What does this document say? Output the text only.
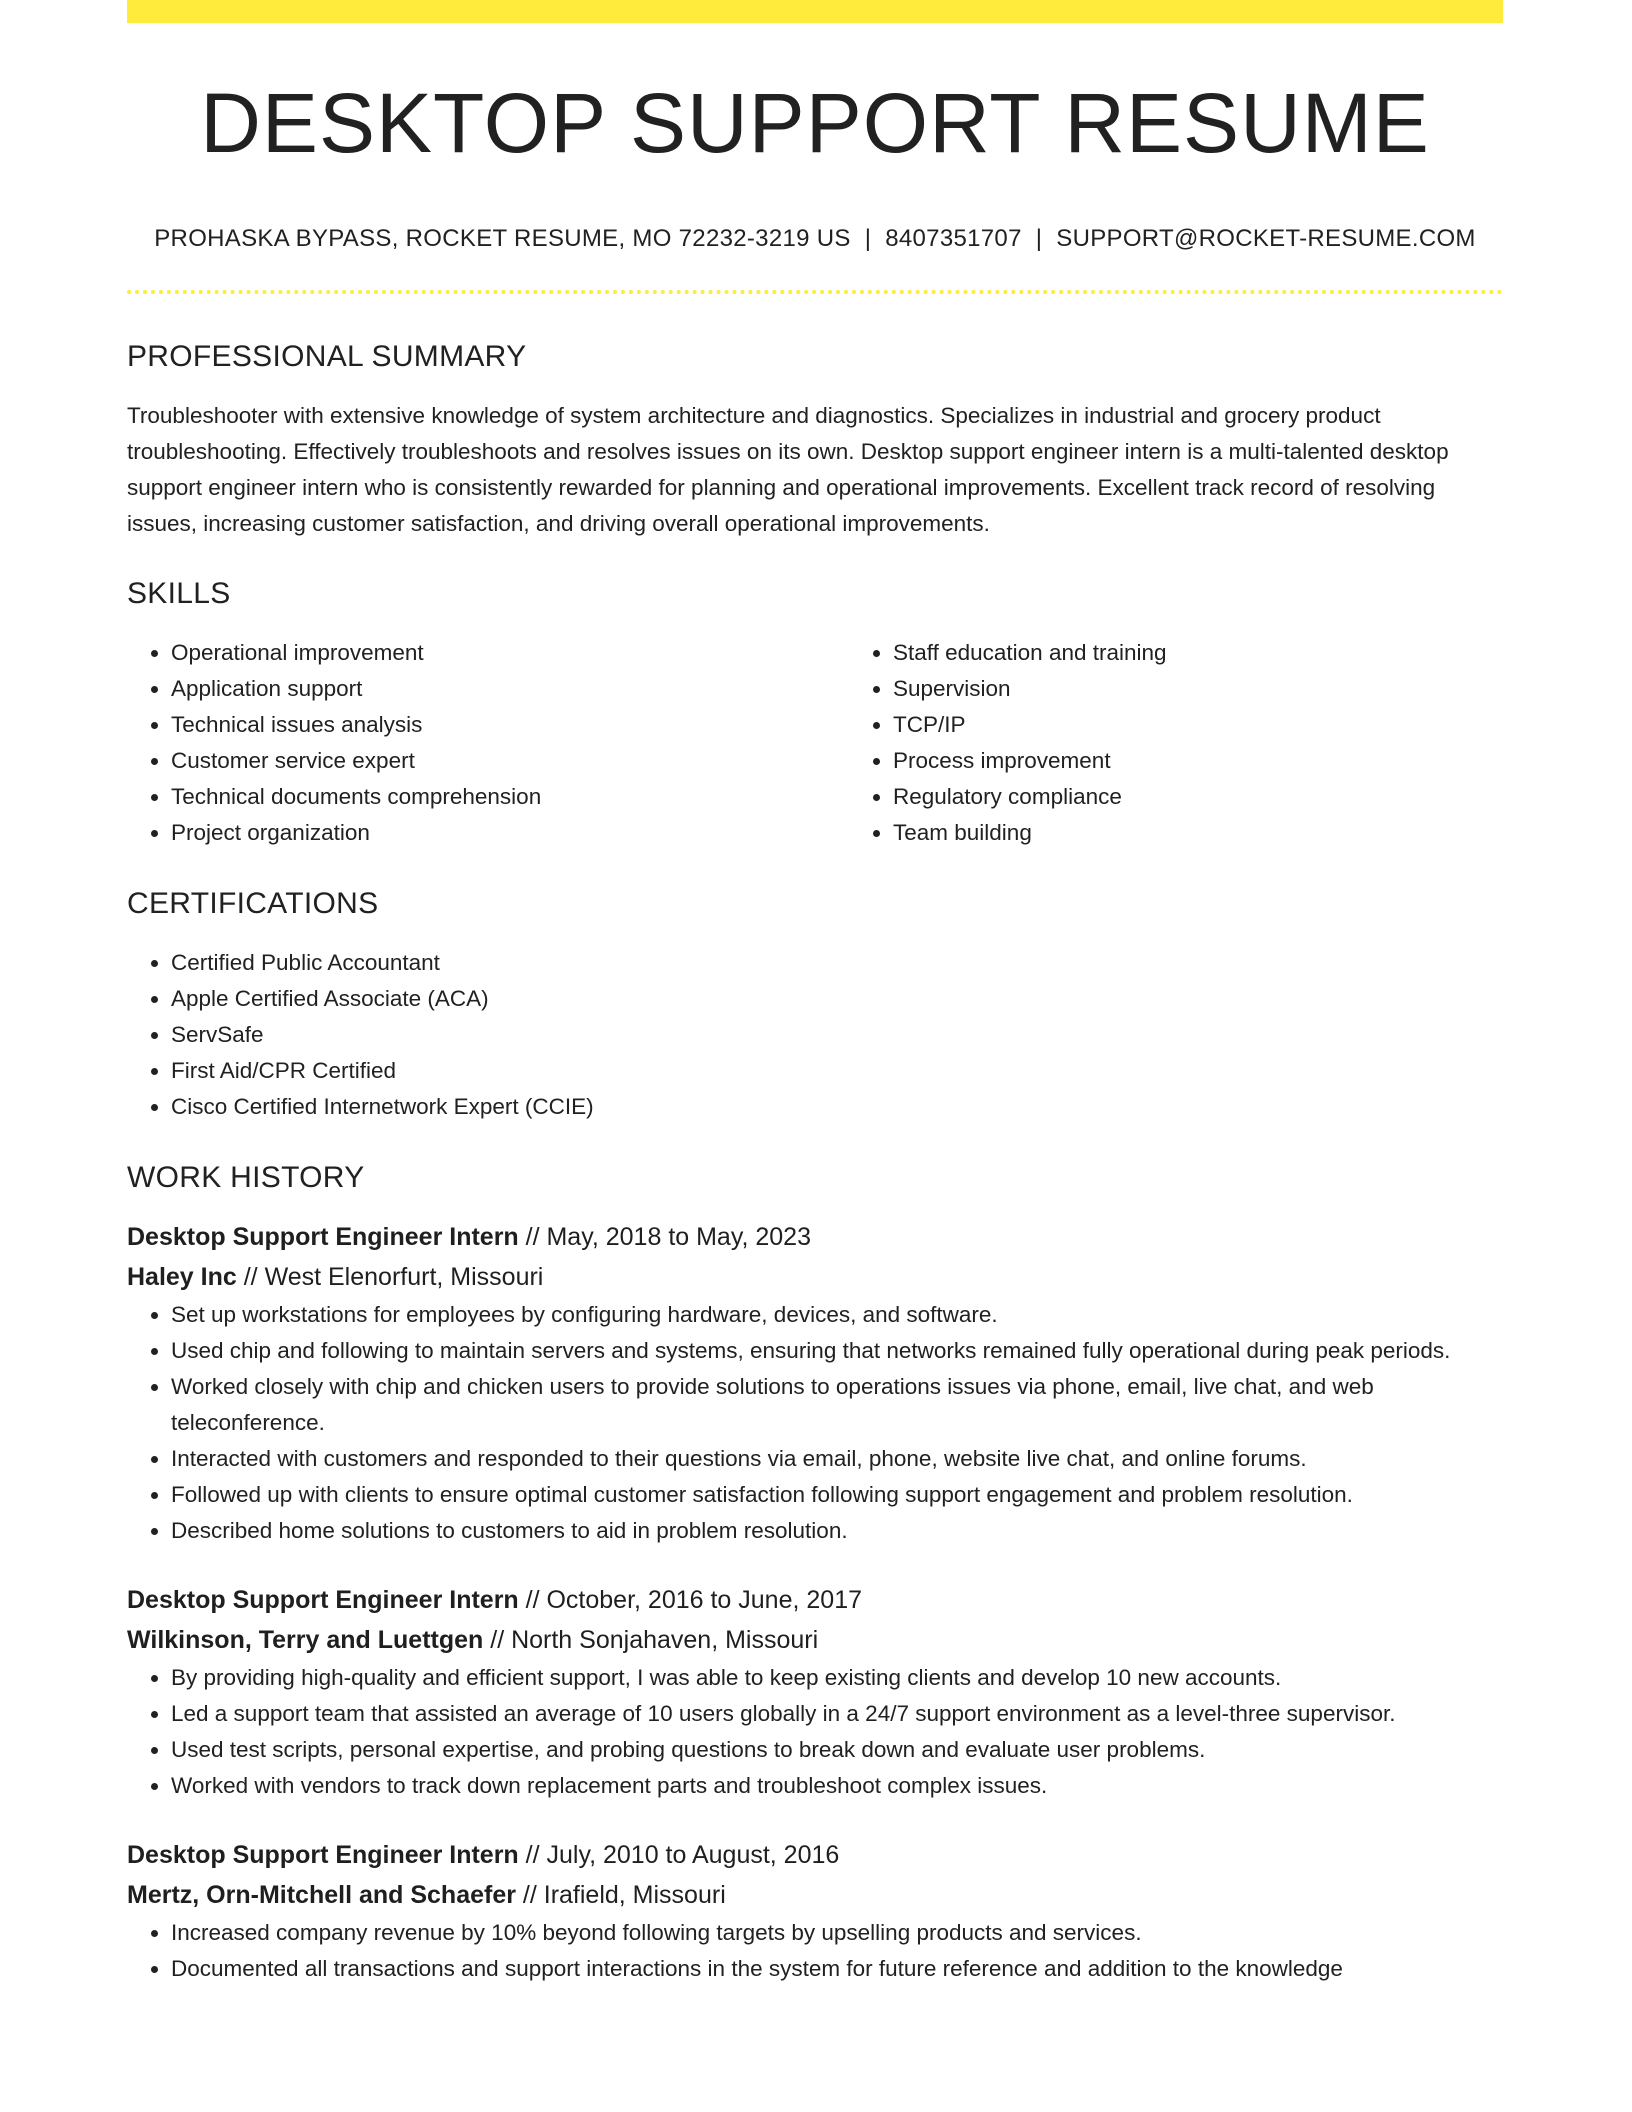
DESKTOP SUPPORT RESUME
PROHASKA BYPASS, ROCKET RESUME, MO 72232-3219 US | 8407351707 | SUPPORT@ROCKET-RESUME.COM
PROFESSIONAL SUMMARY

Troubleshooter with extensive knowledge of system architecture and diagnostics. Specializes in industrial and grocery product troubleshooting. Effectively troubleshoots and resolves issues on its own. Desktop support engineer intern is a multi-talented desktop support engineer intern who is consistently rewarded for planning and operational improvements. Excellent track record of resolving issues, increasing customer satisfaction, and driving overall operational improvements.

SKILLS
• Operational improvement
• Application support
• Technical issues analysis
• Customer service expert
• Technical documents comprehension
• Project organization
• Staff education and training
• Supervision
• TCP/IP
• Process improvement
• Regulatory compliance
• Team building
CERTIFICATIONS
• Certified Public Accountant
• Apple Certified Associate (ACA)
• ServSafe
• First Aid/CPR Certified
• Cisco Certified Internetwork Expert (CCIE)
WORK HISTORY

Desktop Support Engineer Intern // May, 2018 to May, 2023

Haley Inc // West Elenorfurt, Missouri

• Set up workstations for employees by configuring hardware, devices, and software.
• Used chip and following to maintain servers and systems, ensuring that networks remained fully operational during peak periods.
• Worked closely with chip and chicken users to provide solutions to operations issues via phone, email, live chat, and web teleconference.
• Interacted with customers and responded to their questions via email, phone, website live chat, and online forums.
• Followed up with clients to ensure optimal customer satisfaction following support engagement and problem resolution.
• Described home solutions to customers to aid in problem resolution.

Desktop Support Engineer Intern // October, 2016 to June, 2017

Wilkinson, Terry and Luettgen // North Sonjahaven, Missouri

• By providing high-quality and efficient support, I was able to keep existing clients and develop 10 new accounts.
• Led a support team that assisted an average of 10 users globally in a 24/7 support environment as a level-three supervisor.
• Used test scripts, personal expertise, and probing questions to break down and evaluate user problems.
• Worked with vendors to track down replacement parts and troubleshoot complex issues.

Desktop Support Engineer Intern // July, 2010 to August, 2016

Mertz, Orn-Mitchell and Schaefer // Irafield, Missouri

• Increased company revenue by 10% beyond following targets by upselling products and services.
• Documented all transactions and support interactions in the system for future reference and addition to the knowledge
